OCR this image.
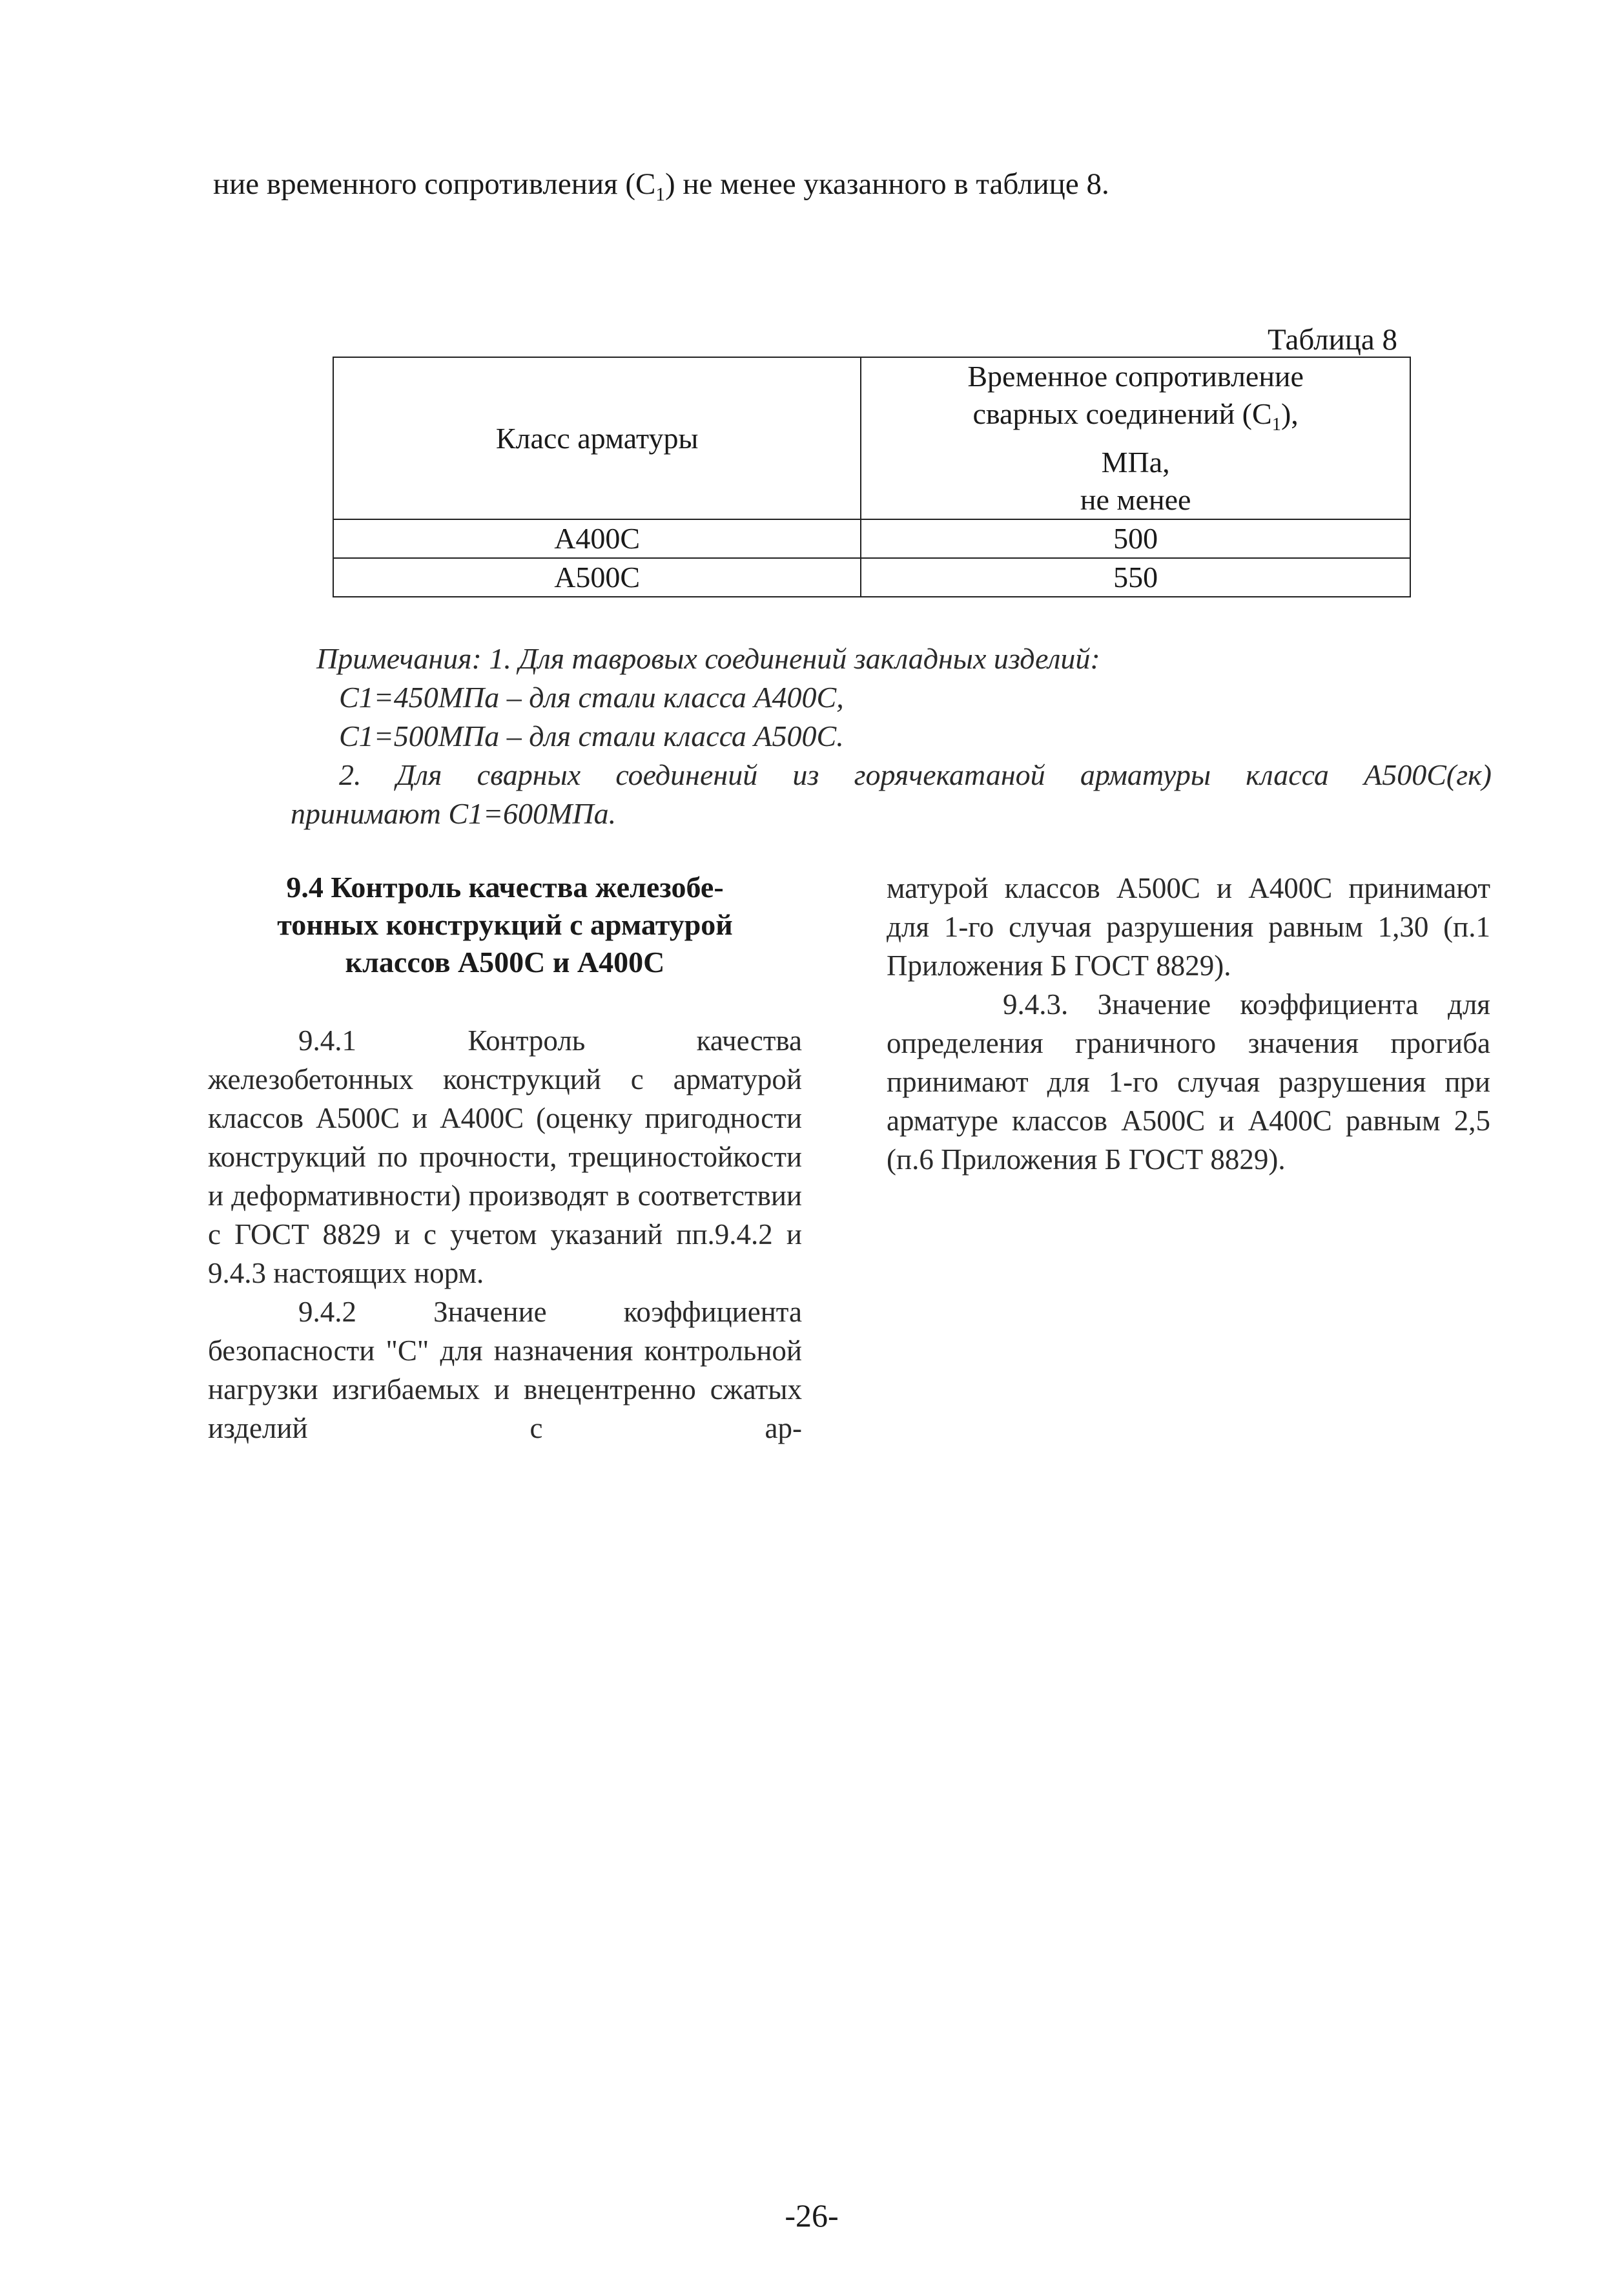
ние временного сопротивления $(С_1)$ не менее указанного в таблице 8.
Таблица 8
Класс арматуры	Временное сопротивление
сварных соединений $(С_1)$,
МПа,
не менее

А400С	500
А500С	550

Примечания: 1. Для тавровых соединений закладных изделий:

С1=450МПа – для стали класса А400С,

С1=500МПа – для стали класса А500С.

2. Для сварных соединений из горячекатаной арматуры класса А500С(гк)

принимают С1=600МПа.

9.4 Контроль качества железобе-
тонных конструкций с арматурой
классов А500С и А400С

9.4.1 Контроль качества железобетонных конструкций с арматурой классов А500С и А400С (оценку пригодности конструкций по прочности, трещиностойкости и деформативности) производят в соответствии с ГОСТ 8829 и с учетом указаний пп.9.4.2 и 9.4.3 настоящих норм.

9.4.2 Значение коэффициента безопасности "С" для назначения контрольной нагрузки изгибаемых и внецентренно сжатых изделий с ар-

матурой классов А500С и А400С принимают для 1-го случая разрушения равным 1,30 (п.1 Приложения Б ГОСТ 8829).

9.4.3. Значение коэффициента для определения граничного значения прогиба принимают для 1-го случая разрушения при арматуре классов А500С и А400С равным 2,5 (п.6 Приложения Б ГОСТ 8829).

-26-
